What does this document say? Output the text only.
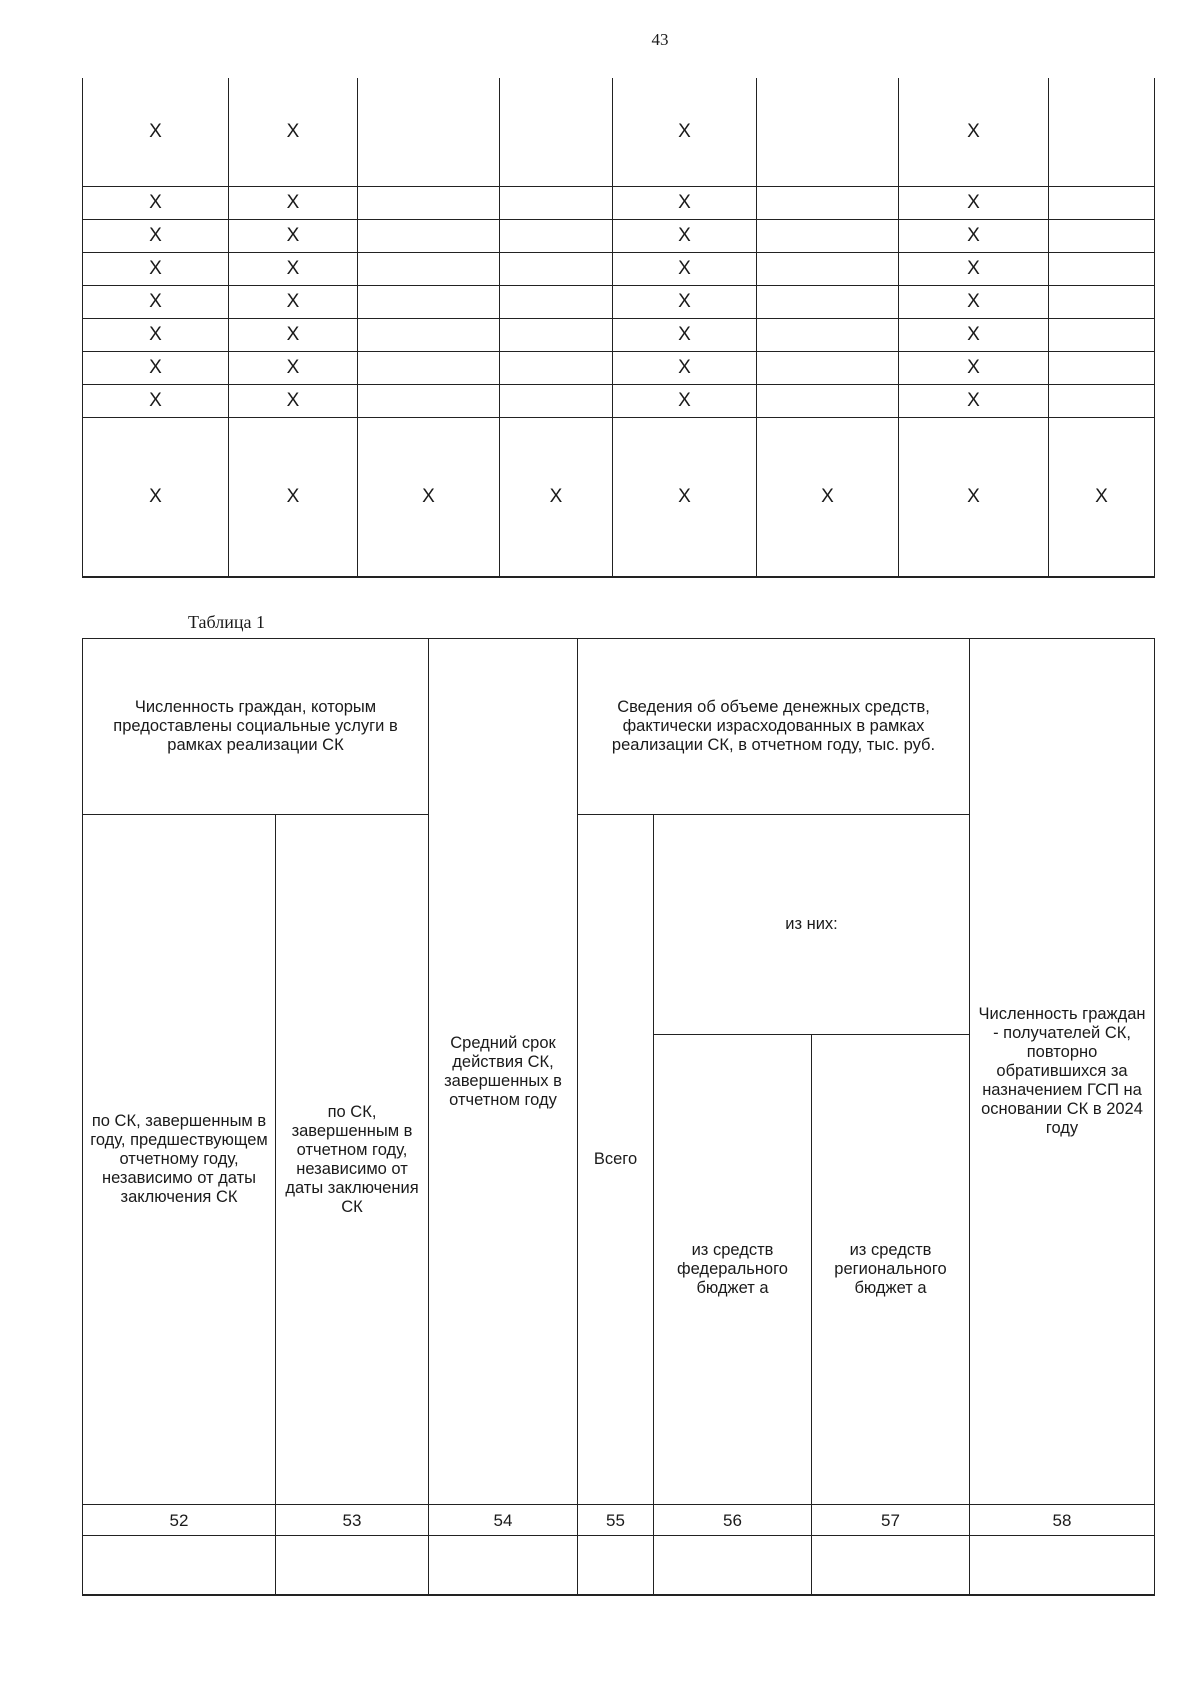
43
X	X			X		X	
X	X			X		X	
X	X			X		X	
X	X			X		X	
X	X			X		X	
X	X			X		X	
X	X			X		X	
X	X			X		X	
X	X	X	X	X	X	X	X
Таблица 1
Численность граждан, которым предоставлены социальные услуги в рамках реализации СК		Средний срок действия СК, завершенных в отчетном году	Сведения об объеме денежных средств, фактически израсходованных в рамках реализации СК, в отчетном году, тыс. руб.			Численность граждан - получателей СК, повторно обратившихся за назначением ГСП на основании СК в 2024 году
по СК, завершенным в году, предшествующем отчетному году, независимо от даты заключения СК	по СК, завершенным в отчетном году, независимо от даты заключения СК		Всего	из них:		
				из средств федерального бюджет а	из средств регионального бюджет а	
52	53	54	55	56	57	58
